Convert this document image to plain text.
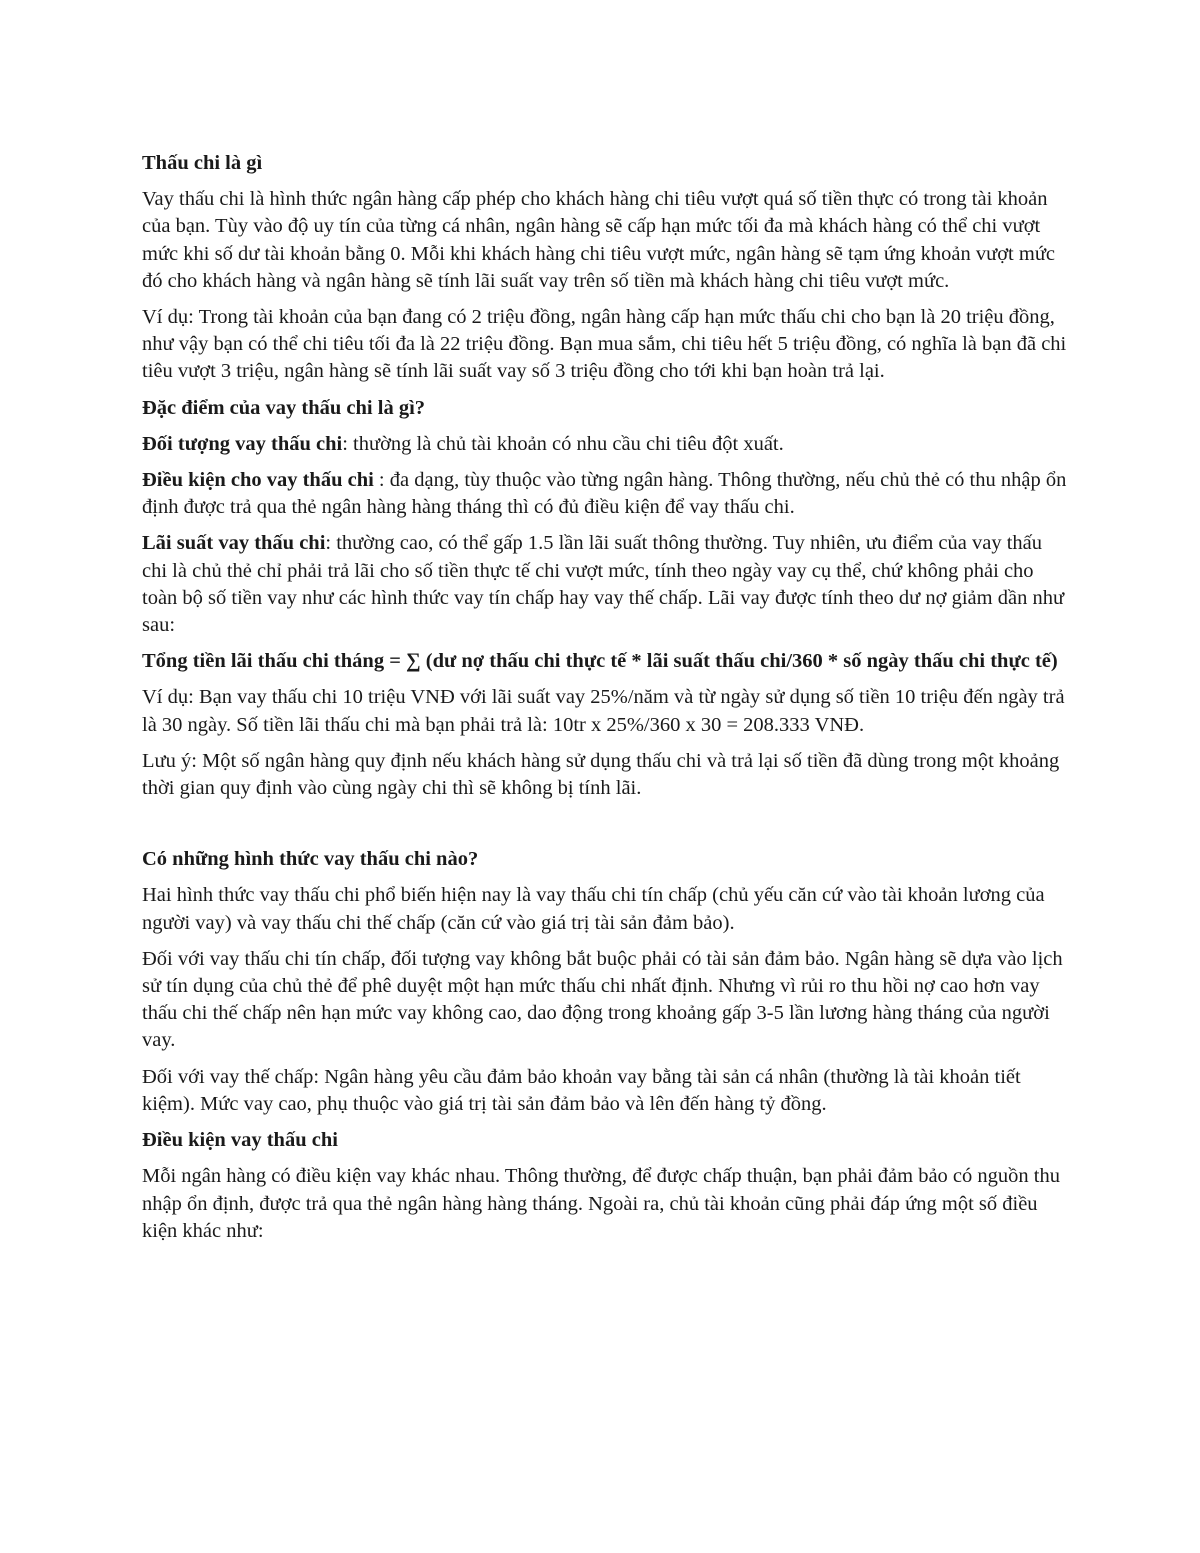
Thấu chi là gì

Vay thấu chi là hình thức ngân hàng cấp phép cho khách hàng chi tiêu vượt quá số tiền thực có trong tài khoản của bạn. Tùy vào độ uy tín của từng cá nhân, ngân hàng sẽ cấp hạn mức tối đa mà khách hàng có thể chi vượt mức khi số dư tài khoản bằng 0. Mỗi khi khách hàng chi tiêu vượt mức, ngân hàng sẽ tạm ứng khoản vượt mức đó cho khách hàng và ngân hàng sẽ tính lãi suất vay trên số tiền mà khách hàng chi tiêu vượt mức.

Ví dụ: Trong tài khoản của bạn đang có 2 triệu đồng, ngân hàng cấp hạn mức thấu chi cho bạn là 20 triệu đồng, như vậy bạn có thể chi tiêu tối đa là 22 triệu đồng. Bạn mua sắm, chi tiêu hết 5 triệu đồng, có nghĩa là bạn đã chi tiêu vượt 3 triệu, ngân hàng sẽ tính lãi suất vay số 3 triệu đồng cho tới khi bạn hoàn trả lại.

Đặc điểm của vay thấu chi là gì?

Đối tượng vay thấu chi: thường là chủ tài khoản có nhu cầu chi tiêu đột xuất.

Điều kiện cho vay thấu chi : đa dạng, tùy thuộc vào từng ngân hàng. Thông thường, nếu chủ thẻ có thu nhập ổn định được trả qua thẻ ngân hàng hàng tháng thì có đủ điều kiện để vay thấu chi.

Lãi suất vay thấu chi: thường cao, có thể gấp 1.5 lần lãi suất thông thường. Tuy nhiên, ưu điểm của vay thấu chi là chủ thẻ chỉ phải trả lãi cho số tiền thực tế chi vượt mức, tính theo ngày vay cụ thể, chứ không phải cho toàn bộ số tiền vay như các hình thức vay tín chấp hay vay thế chấp. Lãi vay được tính theo dư nợ giảm dần như sau:

Tổng tiền lãi thấu chi tháng = ∑ (dư nợ thấu chi thực tế * lãi suất thấu chi/360 * số ngày thấu chi thực tế)

Ví dụ: Bạn vay thấu chi 10 triệu VNĐ với lãi suất vay 25%/năm và từ ngày sử dụng số tiền 10 triệu đến ngày trả là 30 ngày. Số tiền lãi thấu chi mà bạn phải trả là: 10tr x 25%/360 x 30 = 208.333 VNĐ.

Lưu ý: Một số ngân hàng quy định nếu khách hàng sử dụng thấu chi và trả lại số tiền đã dùng trong một khoảng thời gian quy định vào cùng ngày chi thì sẽ không bị tính lãi.

Có những hình thức vay thấu chi nào?

Hai hình thức vay thấu chi phổ biến hiện nay là vay thấu chi tín chấp (chủ yếu căn cứ vào tài khoản lương của người vay) và vay thấu chi thế chấp (căn cứ vào giá trị tài sản đảm bảo).

Đối với vay thấu chi tín chấp, đối tượng vay không bắt buộc phải có tài sản đảm bảo. Ngân hàng sẽ dựa vào lịch sử tín dụng của chủ thẻ để phê duyệt một hạn mức thấu chi nhất định. Nhưng vì rủi ro thu hồi nợ cao hơn vay thấu chi thế chấp nên hạn mức vay không cao, dao động trong khoảng gấp 3-5 lần lương hàng tháng của người vay.

Đối với vay thế chấp: Ngân hàng yêu cầu đảm bảo khoản vay bằng tài sản cá nhân (thường là tài khoản tiết kiệm). Mức vay cao, phụ thuộc vào giá trị tài sản đảm bảo và lên đến hàng tỷ đồng.

Điều kiện vay thấu chi

Mỗi ngân hàng có điều kiện vay khác nhau. Thông thường, để được chấp thuận, bạn phải đảm bảo có nguồn thu nhập ổn định, được trả qua thẻ ngân hàng hàng tháng. Ngoài ra, chủ tài khoản cũng phải đáp ứng một số điều kiện khác như:
